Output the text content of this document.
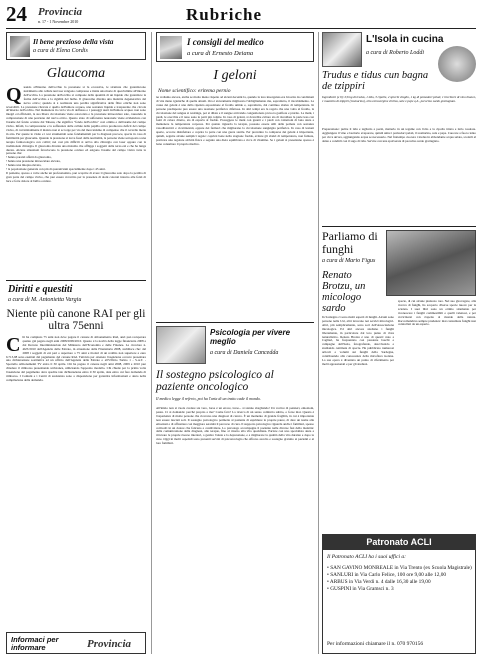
24 Provincia
n. 17 - 1 Novembre 2010	Rubriche
Il bene prezioso della vista
a cura di Elena Cordis
Glaucoma
Quando all'interno dell'occhio la pressione si fa eccessiva, le strutture che garantiscono nutrimento alle cellule nervose vengono compresse e inizia una morte di quest'ultime all'interno dell'occhio. La pressione dell'occhio si compone della quantità di un liquido che garantisce la forma dell'occhio e la rigidità del bulbo. Il glaucoma diventa una malattia degenerativa del nervo ottico; quando si è realizzata una perdita significativa delle fibre ottiche non sono reversibili. La pressione rilevata è quella dell'umore acqueo, una sostanza liquida e trasparente che circola all'interno dell'occhio. Nel mantenere in cui la via di deflusso o i passaggi usati dall'umore acqueo non sono integri ed efficienti, la sua libera circolazione viene ostacolata e la pressione intraoculare sale, causando la compressione di una porzione del nervo ottico. Questo stato di sofferenza neuronale viene evidenziato con l'esame del fondo oculare dal Tabeau, che significa "fondo dell'occhio" così ottimo e dall'esame del campo visivo. Infatti, la compressione e la sofferenza delle cellule della papilla ottica producono deficit del campo visivo, di cui inizialmente il malato non si accorge per via del meccanismo di compenso che il cervello mette in atto. Per queste le visite e i test strumentali sono fondamentali per la diagnosi precoce, specie in caso di familiarità per glaucoma. Quando la pressione si trova fuori dalla normalità, la persona viene sottoposta a una terapia farmacologica con colliri; nei casi più difficili si arriva alla chirurgia con laser oppure con la tradizionale chirurgia. Il glaucoma diventa una malattia che affligge i soggetti della terza età e che ha lunga durata. Alcune situazioni favoriscono la pressione oculare ed esigono l'esame del campo visivo tutte le persone che:
• hanno parenti affetti da glaucoma,
• hanno una pressione intraoculare elevata,
• hanno una miopia elevata,
• la popolazione generale con più di quarant'anni specialmente dopo i 45 anni.
Il paziente, spesso a volte anche un professionista, può scoprire di avere il glaucoma solo dopo la perdita di gran parte del campo visivo, che può essere avvertito per la presenza di aloni colorati intorno alle fonti di luce e forte dolore al bulbo oculare.
Diritti e questiti
a cura di M. Antonietta Vargiu
Niente più canone RAI per gli ultra 75enni
Chi ha compiuto 75 anni non deve pagare il canone di abbonamento RAI, anzi può recuperare quanto già pagato negli anni 2008/2009/2010. Questo è la novità della legge finanziaria 2008 e dal Decreto Interministeriale del Ministero dell'Economia e delle Finanze. La circolare n. 46/E/2010 dell'Agenzia delle Entrate, in attuazione della Finanziaria 2008, stabilisce che: dal 2008 i soggetti di età pari o superiore a 75 anni e titolari di un reddito non superiore a euro 6.713,98 sono esentati dal pagamento del canone RAI. Tuttavia per ottenere l'esenzione occorre presentare una dichiarazione sostitutiva ad un ufficio dell'Agenzia delle Entrate o all'Ufficio Torino 1 - S.A.T. - Sportello Abbonamenti TV entro il 30 aprile. Chi ha pagato il canone negli anni 2008, 2009 e 2010 può chiedere il rimborso presentando un'istanza, utilizzando l'apposito modello. Chi chiede per la prima volta l'esenzione dal pagamento deve spedire tale dichiarazione entro il 30 aprile, data entro cui fare domanda di rimborso. I Comuni e i Centri di assistenza sono a disposizione per garantire informazioni e aiuto nella compilazione della domanda.
Informaci per informare	Provincia
I consigli del medico
a cura di Ernesto Deiana
I geloni
Nome scientifico: eritema pernio
ne vediamo ancora, anche se molto meno rispetto ad alcuni decenni fa, quando la loro insorgenza era favorita da condizioni di vita meno igieniche di quelle attuali. Ora è sicuramente migliorato l'abbigliamento ma, soprattutto, il riscaldamento. La causa dei geloni è una dalla ripetuta esposizione al freddo umido e, soprattutto, dal continuo sbalzo di temperatura. In persone predisposte può essere una reazione periferica difettosa. In altri tempi era la regola che una volta al freddo, la circolazione del sangue si restringe, poi si dilata e il sangue arrivando congestionato provoca gonfiore e prurito. Le mani, i piedi, le orecchie e il naso sono le parti più colpite. In caso di geloni, si dovrebbe evitare sia di riscaldare la parte lesa con fonti di calore diretto, sia di esporla al freddo. Proteggere le mani con guanti e i piedi con calzettoni di lana aiuta a mantenere la temperatura corporea. Per quanto riguarda la terapia, possono essere utili delle pomate con sostanze vasodilatatrici e cicatrizzanti, oppure dei farmaci che migliorano la circolazione sanguigna periferica. In caso di lesioni aperte, occorre disinfettare e coprire la parte con una garza sterile. Per prevenire la comparsa dei geloni è importante, quindi, seguire alcune semplici regole: coprirsi bene nella stagione fredda, evitare gli sbalzi di temperatura, non fumare, praticare una regolare attività fisica e seguire una dieta equilibrata e ricca di vitamine. Se i geloni si presentano spesso è bene consultare il proprio medico.
Psicologia per vivere meglio
a cura di Daniela Cancedda
Il sostegno psicologico al paziente oncologico
Il medico legge il referto, poi ha l'aria di un tratto cade il mondo.
All'inizio non si vuole credere sia vero, forse è un errore, forse... si stanno sbagliando! Un vortice di pensieri, emozioni, paure. Ci si domanda: perché proprio a me? Come farò? La ricerca di un senso comincia subito, o forse mai. Questa è l'esperienza di molte persone che ricevono una diagnosi di cancro. È un momento di grande fragilità, in cui è importante non essere lasciati soli. Il sostegno psicologico permette al paziente di esprimere le proprie paure, di dare un nome alle emozioni e di affrontare con maggiore serenità il percorso di cura. Il supporto psicologico riguarda anche i familiari, spesso coinvolti in un dolore che faticano a condividere. Lo psicologo accompagna il paziente nelle diverse fasi della malattia: dalla comunicazione della diagnosi, alle terapie, fino al ritorno alla vita quotidiana. Parlare con uno specialista aiuta a ritrovare le proprie risorse interiori, a gestire l'ansia e la depressione, e a migliorare la qualità della vita durante e dopo le cure. Oggi in molti ospedali sono presenti servizi di psiconcologia che offrono ascolto e sostegno gratuito ai pazienti e ai loro familiari.
L'Isola in cucina
a cura di Roberto Loddi
Trudus e tidus cun bagna de tzippiri
Ingredienti (x 6): 0,6 kg di trudus, 1 tidu, 3 cipolle, 2 spicchi d'aglio, 1 kg di pomodori pelati, 1 bicchiere di vino bianco, 1 mazzetto di tzippiri (rosmarino), olio extravergine d'oliva, sale e pepe q.b., pecorino sardo grattugiato.
Preparazione: pulire il tidu e tagliarlo a pezzi, metterlo in un tegame con l'olio e la cipolla tritata e farlo rosolare. Aggiungere il vino e lasciarlo evaporare, quindi unire i pomodori pelati, il rosmarino, sale e pepe. Cuocere a fuoco lento per circa un'ora, aggiungendo acqua se necessario. Nel frattempo cuocere i trudus in abbondante acqua salata, scolarli al dente e condirli con il sugo di tidu. Servire con una spolverata di pecorino sardo grattugiato.
Parliamo di funghi
a cura di Mario Figus
Renato Brotzu, un micologo sardo
In Sardegna ci sono molti esperti di funghi. Alcuni sono persone nelle Usl, altri lavorano nei servizi micologici. Altri, più semplicemente, sono soci dell'Associazione micologica. Ed altri ancora studiano i funghi liberamente, in particolare dal loro punto di vista naturalistico. Renato Brotzu è uno di questi: nato a Cagliari, ha frequentato con passione boschi e campagne dell'Isola, fotografando, descrivendo e studiando centinaia di specie. Ha pubblicato numerosi articoli e volumi sui funghi della Sardegna, contribuendo alla conoscenza della micoflora isolana. La sua opera è diventata un punto di riferimento per molti appassionati e per gli studiosi.
specie, di cui alcune piuttosto rare. Nel suo girovagare, alla ricerca di funghi, ha scoperto diverse specie nuove per la scienza. I suoi libri sono un ottimo strumento per riconoscere i funghi commestibili e quelli velenosi, e per avvicinarsi con rispetto al mondo della natura. Raccomandava sempre prudenza: mai consumare funghi non controllati da un esperto.
Patronato ACLI
Il Patronato ACLI ha i suoi uffici a:
• SAN GAVINO MONREALE in Via Trento (ex Scuola Magistrale)
• SANLURI in Via Carlo Felice, 100 ore 9,00 alle 12,00
• ARBUS in Via Verdi n. 4 dalle 16,30 alle 19,00
• GUSPINI in Via Gramsci n. 3
Per informazioni chiamare il n. 070 970156
